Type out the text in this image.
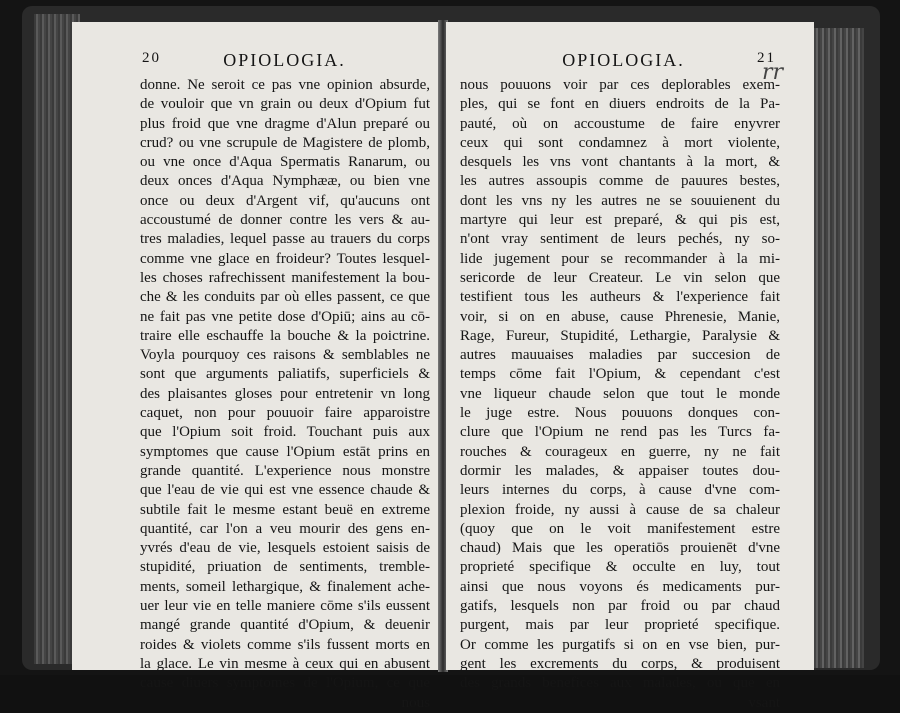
20	OPIOLOGIA.
donne. Ne seroit ce pas vne opinion absurde,
de vouloir que vn grain ou deux d'Opium fut
plus froid que vne dragme d'Alun preparé ou
crud? ou vne scrupule de Magistere de plomb,
ou vne once d'Aqua Spermatis Ranarum, ou
deux onces d'Aqua Nymphææ, ou bien vne
once ou deux d'Argent vif, qu'aucuns ont
accoustumé de donner contre les vers & au-
tres maladies, lequel passe au trauers du corps
comme vne glace en froideur? Toutes lesquel-
les choses rafrechissent manifestement la bou-
che & les conduits par où elles passent, ce que
ne fait pas vne petite dose d'Opiū; ains au cō-
traire elle eschauffe la bouche & la poictrine.
Voyla pourquoy ces raisons & semblables ne
sont que arguments paliatifs, superficiels &
des plaisantes gloses pour entretenir vn long
caquet, non pour pouuoir faire apparoistre
que l'Opium soit froid. Touchant puis aux
symptomes que cause l'Opium estāt prins en
grande quantité. L'experience nous monstre
que l'eau de vie qui est vne essence chaude &
subtile fait le mesme estant beuë en extreme
quantité, car l'on a veu mourir des gens en-
yvrés d'eau de vie, lesquels estoient saisis de
stupidité, priuation de sentiments, tremble-
ments, someil lethargique, & finalement ache-
uer leur vie en telle maniere cōme s'ils eussent
mangé grande quantité d'Opium, & deuenir
roides & violets comme s'ils fussent morts en
la glace. Le vin mesme à ceux qui en abusent
cause diuers symptomes de l'Opium, ce que
nous
OPIOLOGIA.	21
nous pouuons voir par ces deplorables exem-
ples, qui se font en diuers endroits de la Pa-
pauté, où on accoustume de faire enyvrer
ceux qui sont condamnez à mort violente,
desquels les vns vont chantants à la mort, &
les autres assoupis comme de pauures bestes,
dont les vns ny les autres ne se souuienent du
martyre qui leur est preparé, & qui pis est,
n'ont vray sentiment de leurs pechés, ny so-
lide jugement pour se recommander à la mi-
sericorde de leur Createur. Le vin selon que
testifient tous les autheurs & l'experience fait
voir, si on en abuse, cause Phrenesie, Manie,
Rage, Fureur, Stupidité, Lethargie, Paralysie &
autres mauuaises maladies par succesion de
temps cōme fait l'Opium, & cependant c'est
vne liqueur chaude selon que tout le monde
le juge estre. Nous pouuons donques con-
clure que l'Opium ne rend pas les Turcs fa-
rouches & courageux en guerre, ny ne fait
dormir les malades, & appaiser toutes dou-
leurs internes du corps, à cause d'vne com-
plexion froide, ny aussi à cause de sa chaleur
(quoy que on le voit manifestement estre
chaud) Mais que les operatiōs prouienēt d'vne
proprieté specifique & occulte en luy, tout
ainsi que nous voyons és medicaments pur-
gatifs, lesquels non par froid ou par chaud
purgent, mais par leur proprieté specifique.
Or comme les purgatifs si on en vse bien, pur-
gent les excrements du corps, & produisent
des grands benefices aux malades, ou que en
vsant
rr
